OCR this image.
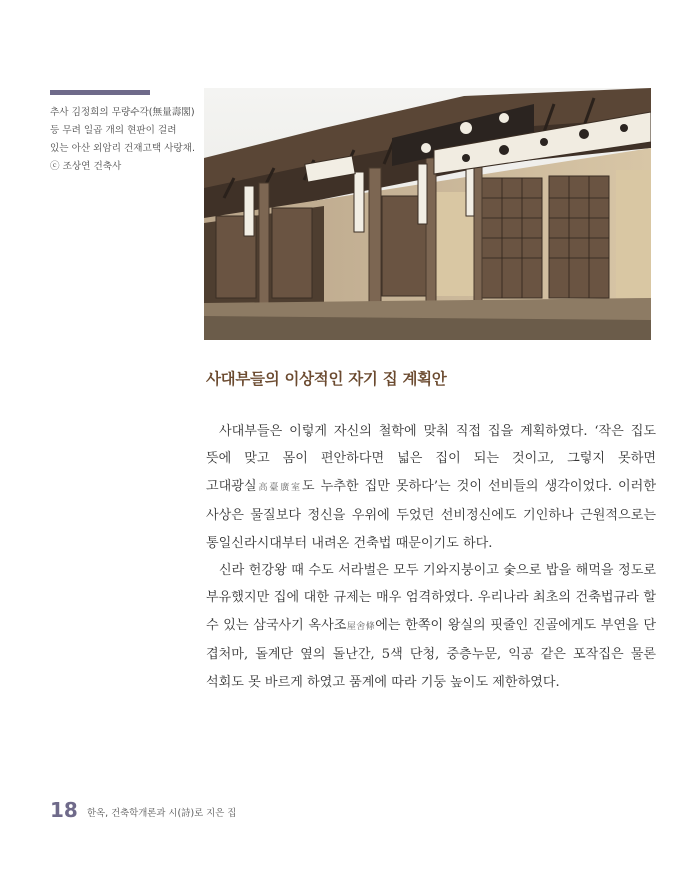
추사 김정희의 무량수각(無量壽閣) 등 무려 일곱 개의 현판이 걸려 있는 아산 외암리 건재고택 사랑채. ⓒ 조상연 건축사
사대부들의 이상적인 자기 집 계획안

사대부들은 이렇게 자신의 철학에 맞춰 직접 집을 계획하였다. ‘작은 집도 뜻에 맞고 몸이 편안하다면 넓은 집이 되는 것이고, 그렇지 못하면 고대광실高臺廣室도 누추한 집만 못하다’는 것이 선비들의 생각이었다. 이러한 사상은 물질보다 정신을 우위에 두었던 선비정신에도 기인하나 근원적으로는 통일신라시대부터 내려온 건축법 때문이기도 하다.

신라 헌강왕 때 수도 서라벌은 모두 기와지붕이고 숯으로 밥을 해먹을 정도로 부유했지만 집에 대한 규제는 매우 엄격하였다. 우리나라 최초의 건축법규라 할 수 있는 삼국사기 옥사조屋舍條에는 한쪽이 왕실의 핏줄인 진골에게도 부연을 단 겹처마, 돌계단 옆의 돌난간, 5색 단청, 중층누문, 익공 같은 포작집은 물론 석회도 못 바르게 하였고 품계에 따라 기둥 높이도 제한하였다.

18 한옥, 건축학개론과 시(詩)로 지은 집
